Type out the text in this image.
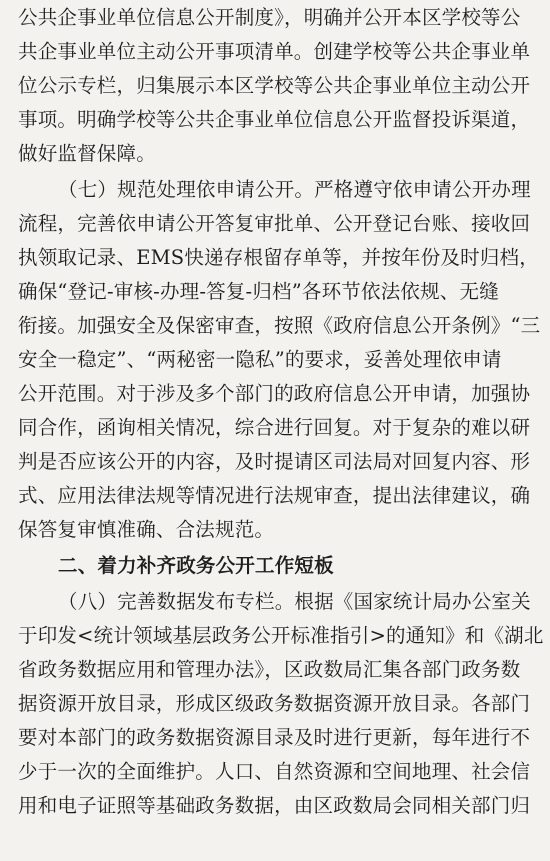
公共企事业单位信息公开制度》，明确并公开本区学校等公
共企事业单位主动公开事项清单。创建学校等公共企事业单
位公示专栏，归集展示本区学校等公共企事业单位主动公开
事项。明确学校等公共企事业单位信息公开监督投诉渠道，
做好监督保障。
（七）规范处理依申请公开。严格遵守依申请公开办理
流程，完善依申请公开答复审批单、公开登记台账、接收回
执领取记录、EMS快递存根留存单等，并按年份及时归档，
确保“登记-审核-办理-答复-归档”各环节依法依规、无缝
衔接。加强安全及保密审查，按照《政府信息公开条例》“三
安全一稳定”、“两秘密一隐私”的要求，妥善处理依申请
公开范围。对于涉及多个部门的政府信息公开申请，加强协
同合作，函询相关情况，综合进行回复。对于复杂的难以研
判是否应该公开的内容，及时提请区司法局对回复内容、形
式、应用法律法规等情况进行法规审查，提出法律建议，确
保答复审慎准确、合法规范。
二、着力补齐政务公开工作短板
（八）完善数据发布专栏。根据《国家统计局办公室关
于印发<统计领域基层政务公开标准指引>的通知》和《湖北
省政务数据应用和管理办法》，区政数局汇集各部门政务数
据资源开放目录，形成区级政务数据资源开放目录。各部门
要对本部门的政务数据资源目录及时进行更新，每年进行不
少于一次的全面维护。人口、自然资源和空间地理、社会信
用和电子证照等基础政务数据，由区政数局会同相关部门归
